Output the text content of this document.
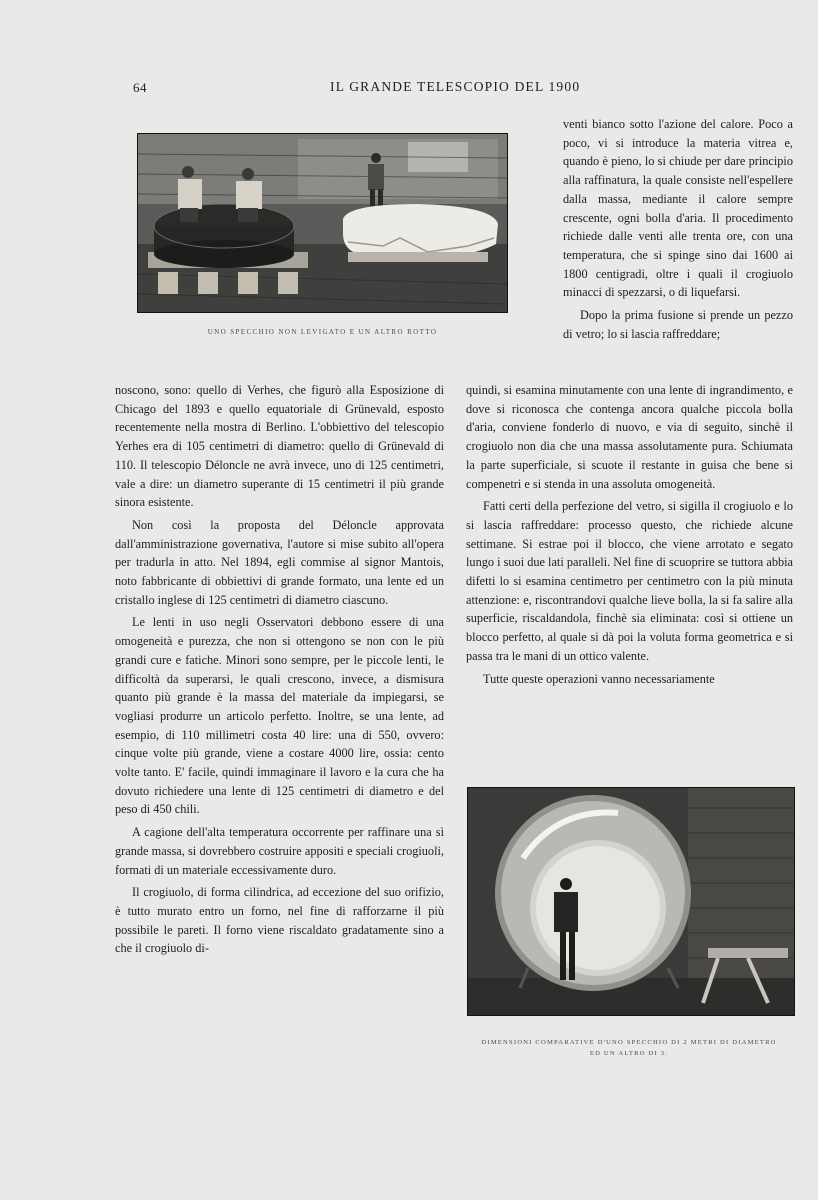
64	IL GRANDE TELESCOPIO DEL 1900
UNO SPECCHIO NON LEVIGATO E UN ALTRO ROTTO

venti bianco sotto l'azione del calore. Poco a poco, vi si introduce la materia vitrea e, quando è pieno, lo si chiude per dare principio alla raffinatura, la quale consiste nell'espellere dalla massa, mediante il calore sempre crescente, ogni bolla d'aria. Il procedimento richiede dalle venti alle trenta ore, con una temperatura, che si spinge sino dai 1600 ai 1800 centigradi, oltre i quali il crogiuolo minacci di spezzarsi, o di liquefarsi.

Dopo la prima fusione si prende un pezzo di vetro; lo si lascia raffreddare;

noscono, sono: quello di Verhes, che figurò alla Esposizione di Chicago del 1893 e quello equatoriale di Grünevald, esposto recentemente nella mostra di Berlino. L'obbiettivo del telescopio Yerhes era di 105 centimetri di diametro: quello di Grünevald di 110. Il telescopio Déloncle ne avrà invece, uno di 125 centimetri, vale a dire: un diametro superante di 15 centimetri il più grande sinora esistente.

Non così la proposta del Déloncle approvata dall'amministrazione governativa, l'autore si mise subito all'opera per tradurla in atto. Nel 1894, egli commise al signor Mantois, noto fabbricante di obbiettivi di grande formato, una lente ed un cristallo inglese di 125 centimetri di diametro ciascuno.

Le lenti in uso negli Osservatori debbono essere di una omogeneità e purezza, che non si ottengono se non con le più grandi cure e fatiche. Minori sono sempre, per le piccole lenti, le difficoltà da superarsi, le quali crescono, invece, a dismisura quanto più grande è la massa del materiale da impiegarsi, se vogliasi produrre un articolo perfetto. Inoltre, se una lente, ad esempio, di 110 millimetri costa 40 lire: una di 550, ovvero: cinque volte più grande, viene a costare 4000 lire, ossia: cento volte tanto. E' facile, quindi immaginare il lavoro e la cura che ha dovuto richiedere una lente di 125 centimetri di diametro e del peso di 450 chili.

A cagione dell'alta temperatura occorrente per raffinare una sì grande massa, si dovrebbero costruire appositi e speciali crogiuoli, formati di un materiale eccessivamente duro.

Il crogiuolo, di forma cilindrica, ad eccezione del suo orifizio, è tutto murato entro un forno, nel fine di rafforzarne il più possibile le pareti. Il forno viene riscaldato gradatamente sino a che il crogiuolo di-

quindi, si esamina minutamente con una lente di ingrandimento, e dove si riconosca che contenga ancora qualche piccola bolla d'aria, conviene fonderlo di nuovo, e via di seguito, sinchè il crogiuolo non dia che una massa assolutamente pura. Schiumata la parte superficiale, si scuote il restante in guisa che bene si compenetri e si stenda in una assoluta omogeneità.

Fatti certi della perfezione del vetro, si sigilla il crogiuolo e lo si lascia raffreddare: processo questo, che richiede alcune settimane. Si estrae poi il blocco, che viene arrotato e segato lungo i suoi due lati paralleli. Nel fine di scuoprire se tuttora abbia difetti lo si esamina centimetro per centimetro con la più minuta attenzione: e, riscontrandovi qualche lieve bolla, la si fa salire alla superficie, riscaldandola, finchè sia eliminata: così si ottiene un blocco perfetto, al quale si dà poi la voluta forma geometrica e si passa tra le mani di un ottico valente.

Tutte queste operazioni vanno necessariamente

DIMENSIONI COMPARATIVE D'UNO SPECCHIO DI 2 METRI DI DIAMETRO
ED UN ALTRO DI 3.
